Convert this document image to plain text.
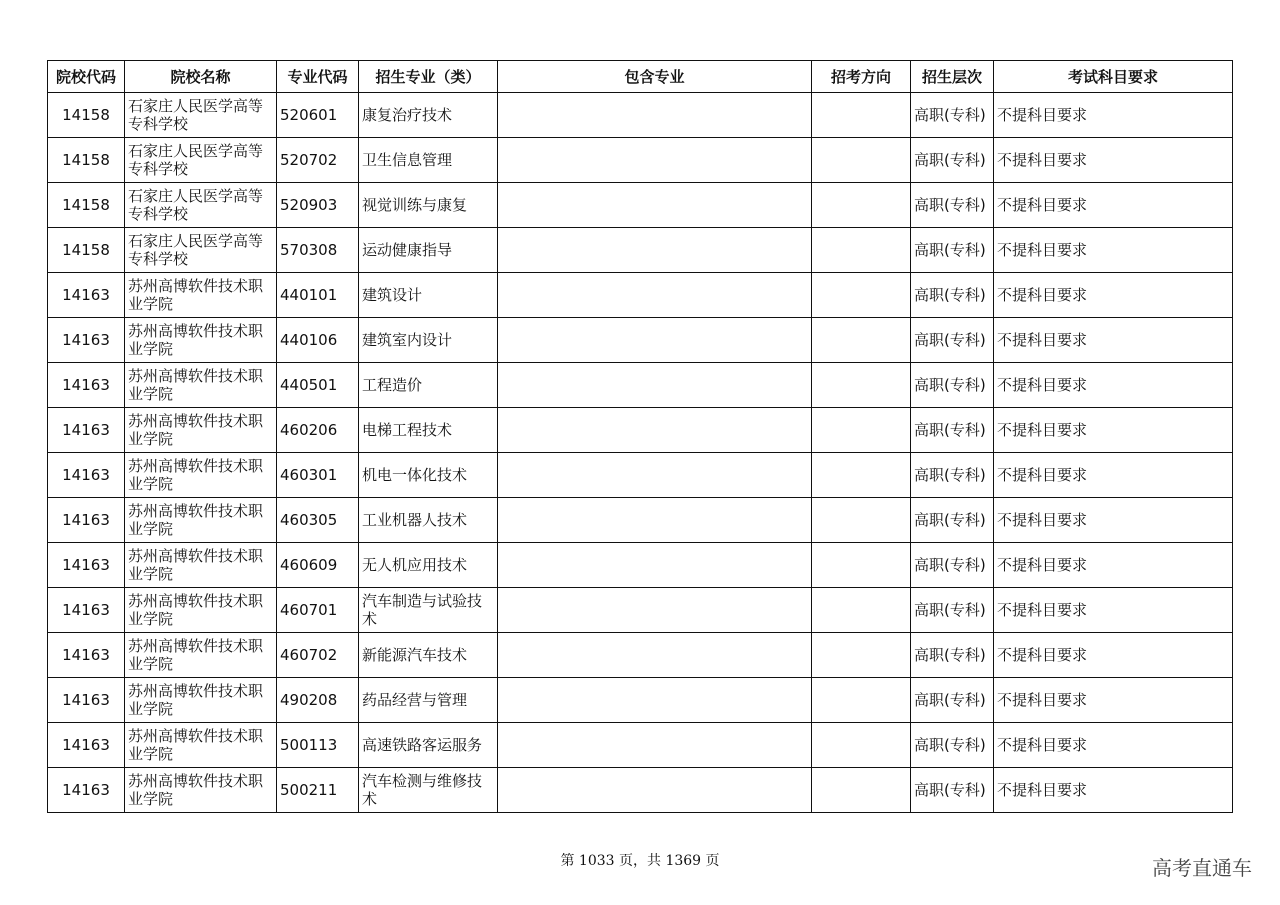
院校代码	院校名称	专业代码	招生专业（类）	包含专业	招考方向	招生层次	考试科目要求
14158	石家庄人民医学高等专科学校	520601	康复治疗技术			高职(专科)	不提科目要求
14158	石家庄人民医学高等专科学校	520702	卫生信息管理			高职(专科)	不提科目要求
14158	石家庄人民医学高等专科学校	520903	视觉训练与康复			高职(专科)	不提科目要求
14158	石家庄人民医学高等专科学校	570308	运动健康指导			高职(专科)	不提科目要求
14163	苏州高博软件技术职业学院	440101	建筑设计			高职(专科)	不提科目要求
14163	苏州高博软件技术职业学院	440106	建筑室内设计			高职(专科)	不提科目要求
14163	苏州高博软件技术职业学院	440501	工程造价			高职(专科)	不提科目要求
14163	苏州高博软件技术职业学院	460206	电梯工程技术			高职(专科)	不提科目要求
14163	苏州高博软件技术职业学院	460301	机电一体化技术			高职(专科)	不提科目要求
14163	苏州高博软件技术职业学院	460305	工业机器人技术			高职(专科)	不提科目要求
14163	苏州高博软件技术职业学院	460609	无人机应用技术			高职(专科)	不提科目要求
14163	苏州高博软件技术职业学院	460701	汽车制造与试验技术			高职(专科)	不提科目要求
14163	苏州高博软件技术职业学院	460702	新能源汽车技术			高职(专科)	不提科目要求
14163	苏州高博软件技术职业学院	490208	药品经营与管理			高职(专科)	不提科目要求
14163	苏州高博软件技术职业学院	500113	高速铁路客运服务			高职(专科)	不提科目要求
14163	苏州高博软件技术职业学院	500211	汽车检测与维修技术			高职(专科)	不提科目要求
第 1033 页，共 1369 页	高考直通车
